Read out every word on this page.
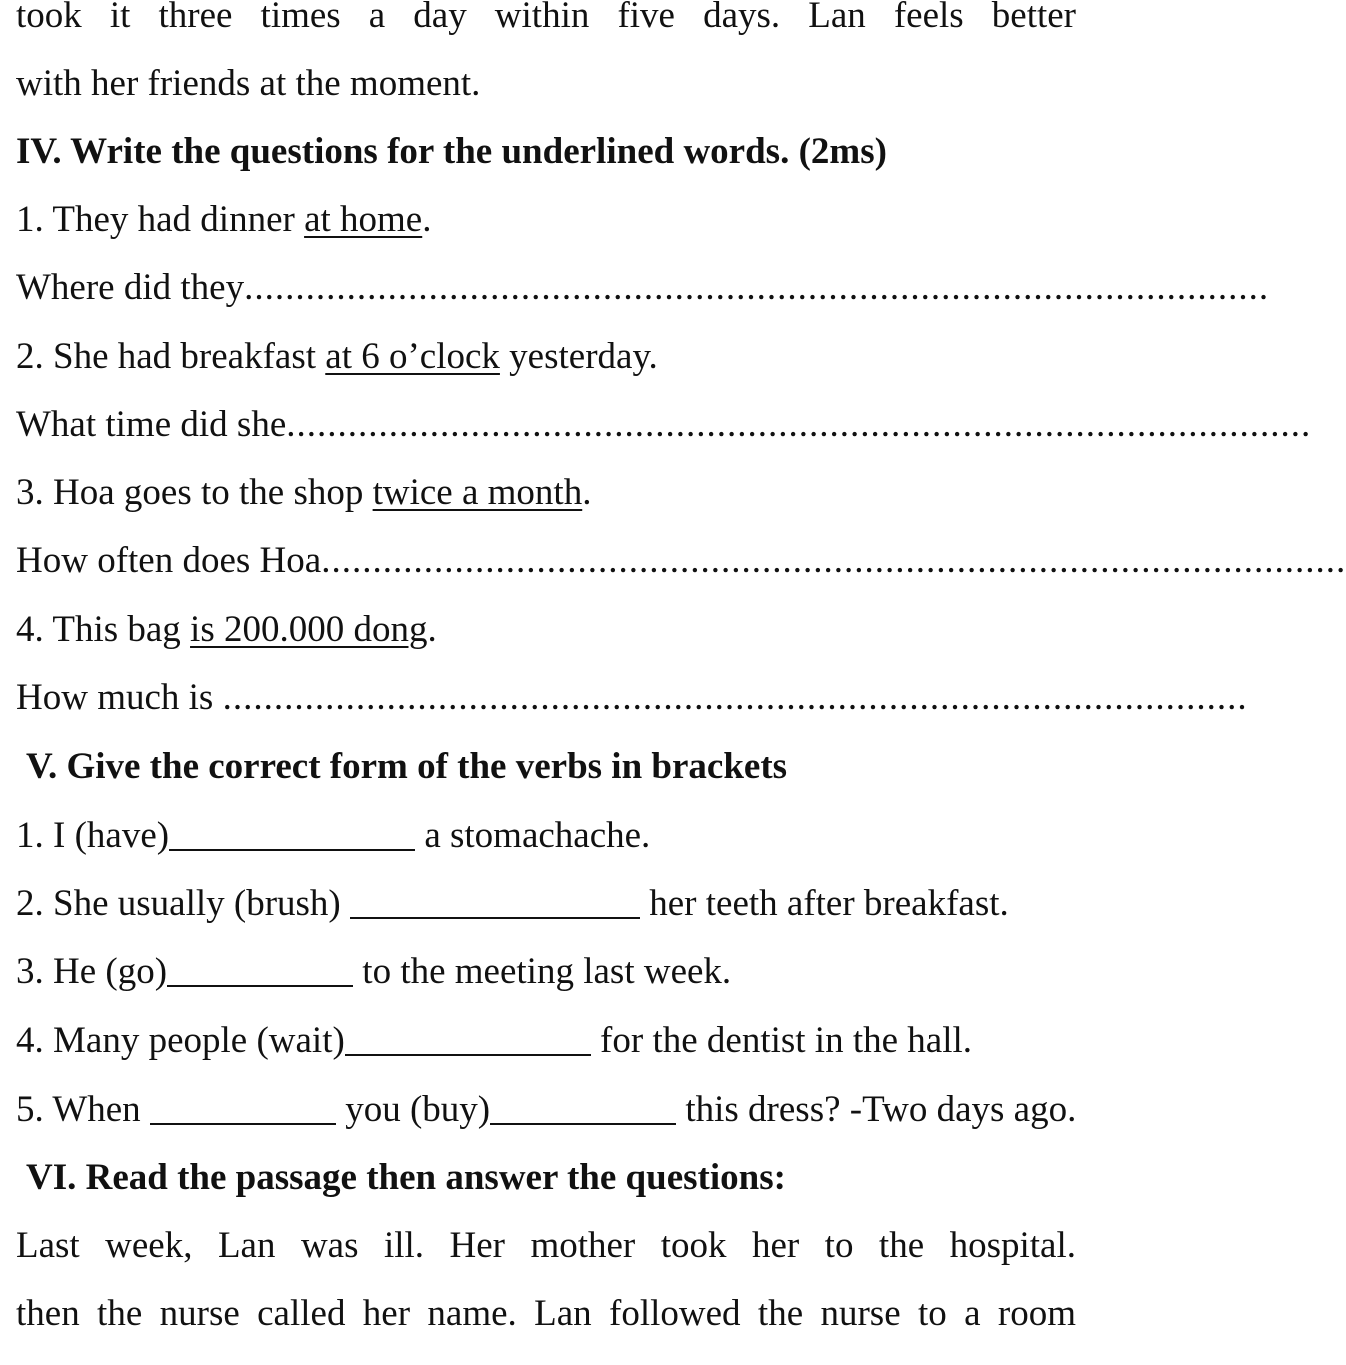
took it three times a day within five days. Lan feels better
with her friends at the moment.
IV. Write the questions for the underlined words. (2ms)
1. They had dinner at home.
Where did they....................................................................................................
2. She had breakfast at 6 o’clock yesterday.
What time did she....................................................................................................
3. Hoa goes to the shop twice a month.
How often does Hoa....................................................................................................
4. This bag is 200.000 dong.
How much is ....................................................................................................
V. Give the correct form of the verbs in brackets
1. I (have)	a stomachache.
2. She usually (brush)	her teeth after breakfast.
3. He (go)	to the meeting last week.
4. Many people (wait)	for the dentist in the hall.
5. When	you (buy)	this dress? -Two days ago.
VI. Read the passage then answer the questions:
Last week, Lan was ill. Her mother took her to the hospital.
then the nurse called her name. Lan followed the nurse to a room
